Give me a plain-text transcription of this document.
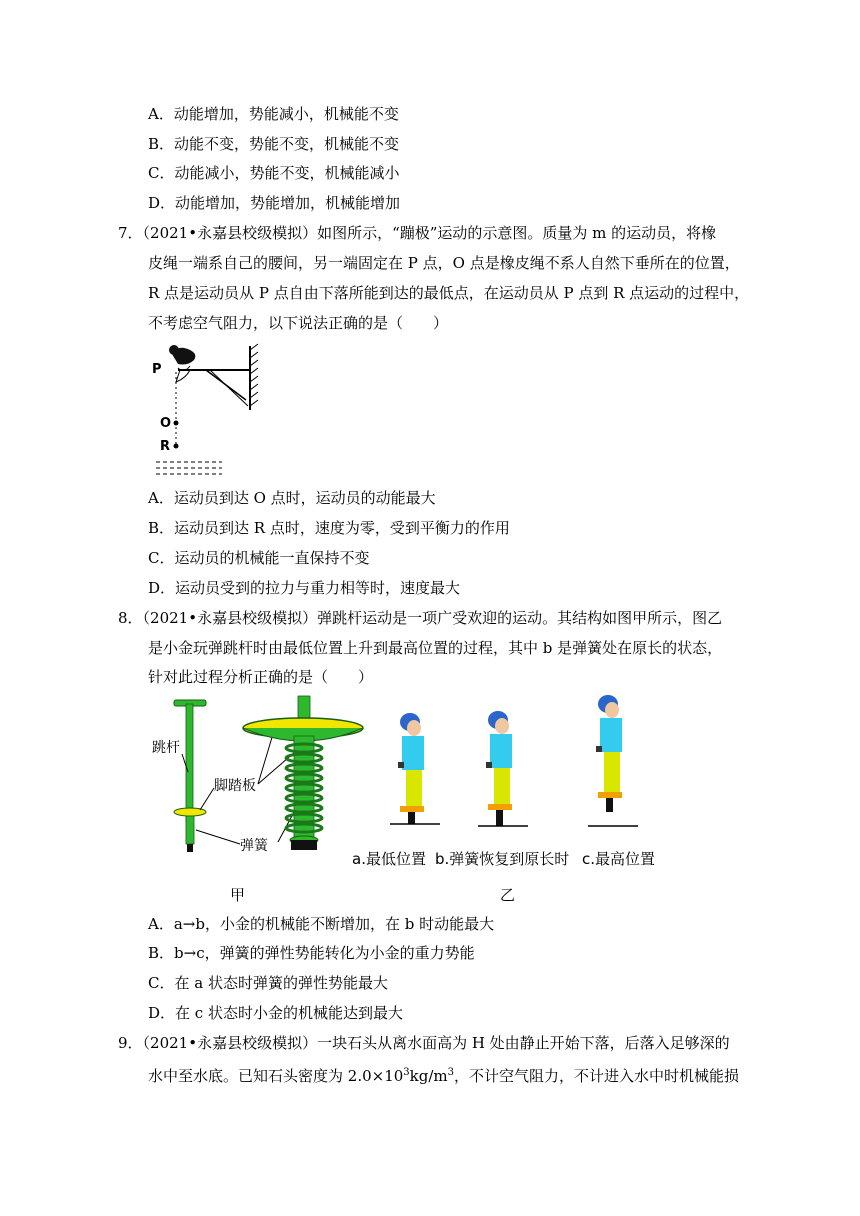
A．动能增加，势能减小，机械能不变
B．动能不变，势能不变，机械能不变
C．动能减小，势能不变，机械能减小
D．动能增加，势能增加，机械能增加
7．（2021•永嘉县校级模拟）如图所示，“蹦极”运动的示意图。质量为 m 的运动员，将橡
皮绳一端系自己的腰间，另一端固定在 P 点，O 点是橡皮绳不系人自然下垂所在的位置，
R 点是运动员从 P 点自由下落所能到达的最低点，在运动员从 P 点到 R 点运动的过程中，
不考虑空气阻力，以下说法正确的是（　　）
P
O
R
A．运动员到达 O 点时，运动员的动能最大
B．运动员到达 R 点时，速度为零，受到平衡力的作用
C．运动员的机械能一直保持不变
D．运动员受到的拉力与重力相等时，速度最大
8．（2021•永嘉县校级模拟）弹跳杆运动是一项广受欢迎的运动。其结构如图甲所示，图乙
是小金玩弹跳杆时由最低位置上升到最高位置的过程，其中 b 是弹簧处在原长的状态，
针对此过程分析正确的是（　　）
跳杆
脚踏板
弹簧
a.最低位置 b.弹簧恢复到原长时 c.最高位置
甲	乙
A．a→b，小金的机械能不断增加，在 b 时动能最大
B．b→c，弹簧的弹性势能转化为小金的重力势能
C．在 a 状态时弹簧的弹性势能最大
D．在 c 状态时小金的机械能达到最大
9．（2021•永嘉县校级模拟）一块石头从离水面高为 H 处由静止开始下落，后落入足够深的
水中至水底。已知石头密度为 $2.0\times 10^3kg/m^3$，不计空气阻力，不计进入水中时机械能损
